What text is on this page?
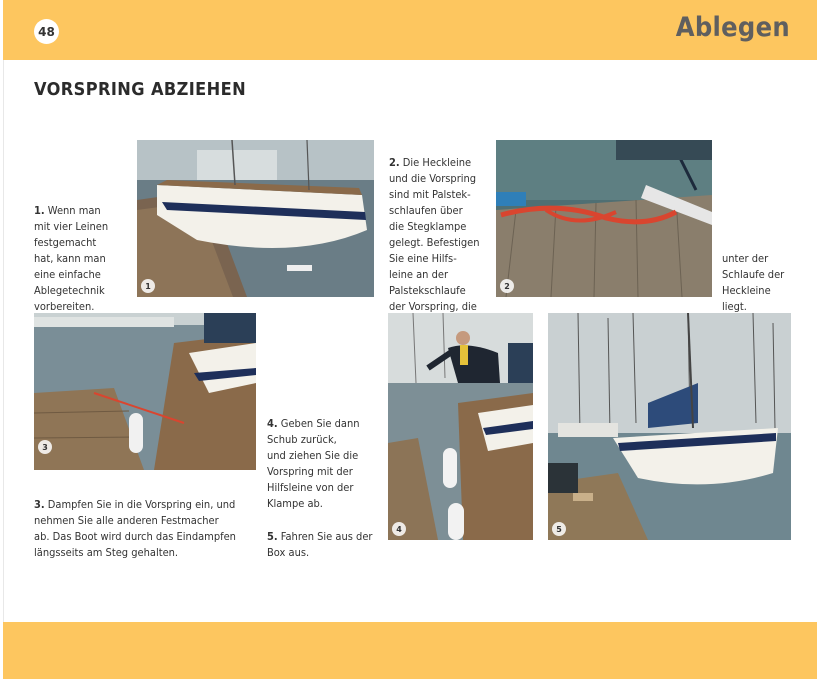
48	Ablegen
VORSPRING ABZIEHEN

1. Wenn man
mit vier Leinen
festgemacht
hat, kann man
eine einfache
Ablegetechnik
vorbereiten.

1

2. Die Heckleine
und die Vorspring
sind mit Palstek-
schlaufen über
die Stegklampe
gelegt. Befestigen
Sie eine Hilfs-
leine an der
Palstekschlaufe
der Vorspring, die

2

unter der
Schlaufe der
Heckleine
liegt.

3

3. Dampfen Sie in die Vorspring ein, und
nehmen Sie alle anderen Festmacher
ab. Das Boot wird durch das Eindampfen
längsseits am Steg gehalten.

4. Geben Sie dann
Schub zurück,
und ziehen Sie die
Vorspring mit der
Hilfsleine von der
Klampe ab.

5. Fahren Sie aus der
Box aus.

4	5
